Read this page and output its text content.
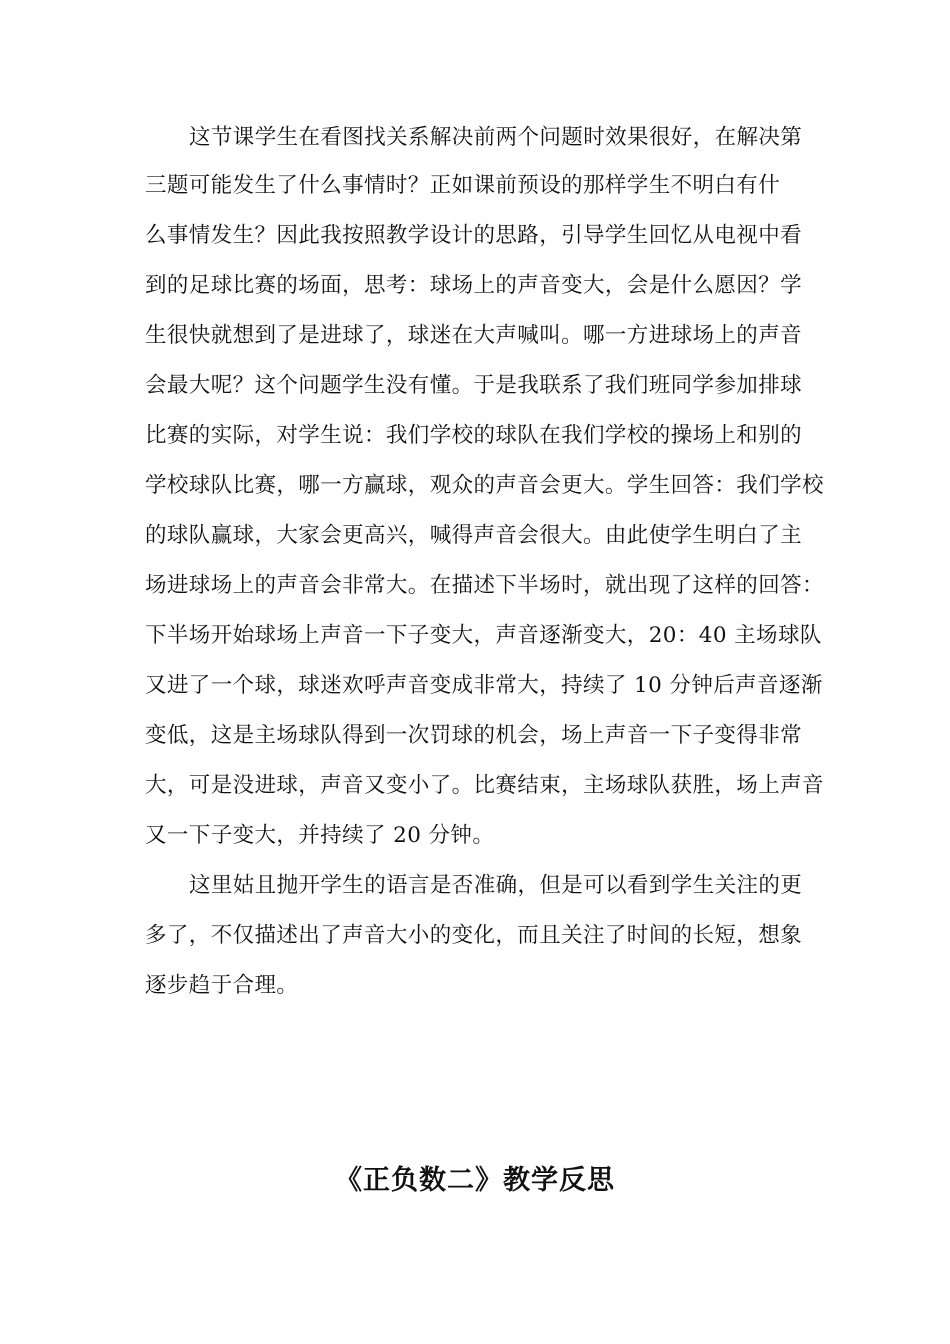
这节课学生在看图找关系解决前两个问题时效果很好，在解决第
三题可能发生了什么事情时？正如课前预设的那样学生不明白有什
么事情发生？因此我按照教学设计的思路，引导学生回忆从电视中看
到的足球比赛的场面，思考：球场上的声音变大，会是什么愿因？学
生很快就想到了是进球了，球迷在大声喊叫。哪一方进球场上的声音
会最大呢？这个问题学生没有懂。于是我联系了我们班同学参加排球
比赛的实际，对学生说：我们学校的球队在我们学校的操场上和别的
学校球队比赛，哪一方赢球，观众的声音会更大。学生回答：我们学校
的球队赢球，大家会更高兴，喊得声音会很大。由此使学生明白了主
场进球场上的声音会非常大。在描述下半场时，就出现了这样的回答：
下半场开始球场上声音一下子变大，声音逐渐变大，20：40 主场球队
又进了一个球，球迷欢呼声音变成非常大，持续了 10 分钟后声音逐渐
变低，这是主场球队得到一次罚球的机会，场上声音一下子变得非常
大，可是没进球，声音又变小了。比赛结束，主场球队获胜，场上声音
又一下子变大，并持续了 20 分钟。
这里姑且抛开学生的语言是否准确，但是可以看到学生关注的更
多了，不仅描述出了声音大小的变化，而且关注了时间的长短，想象
逐步趋于合理。
《正负数二》教学反思
